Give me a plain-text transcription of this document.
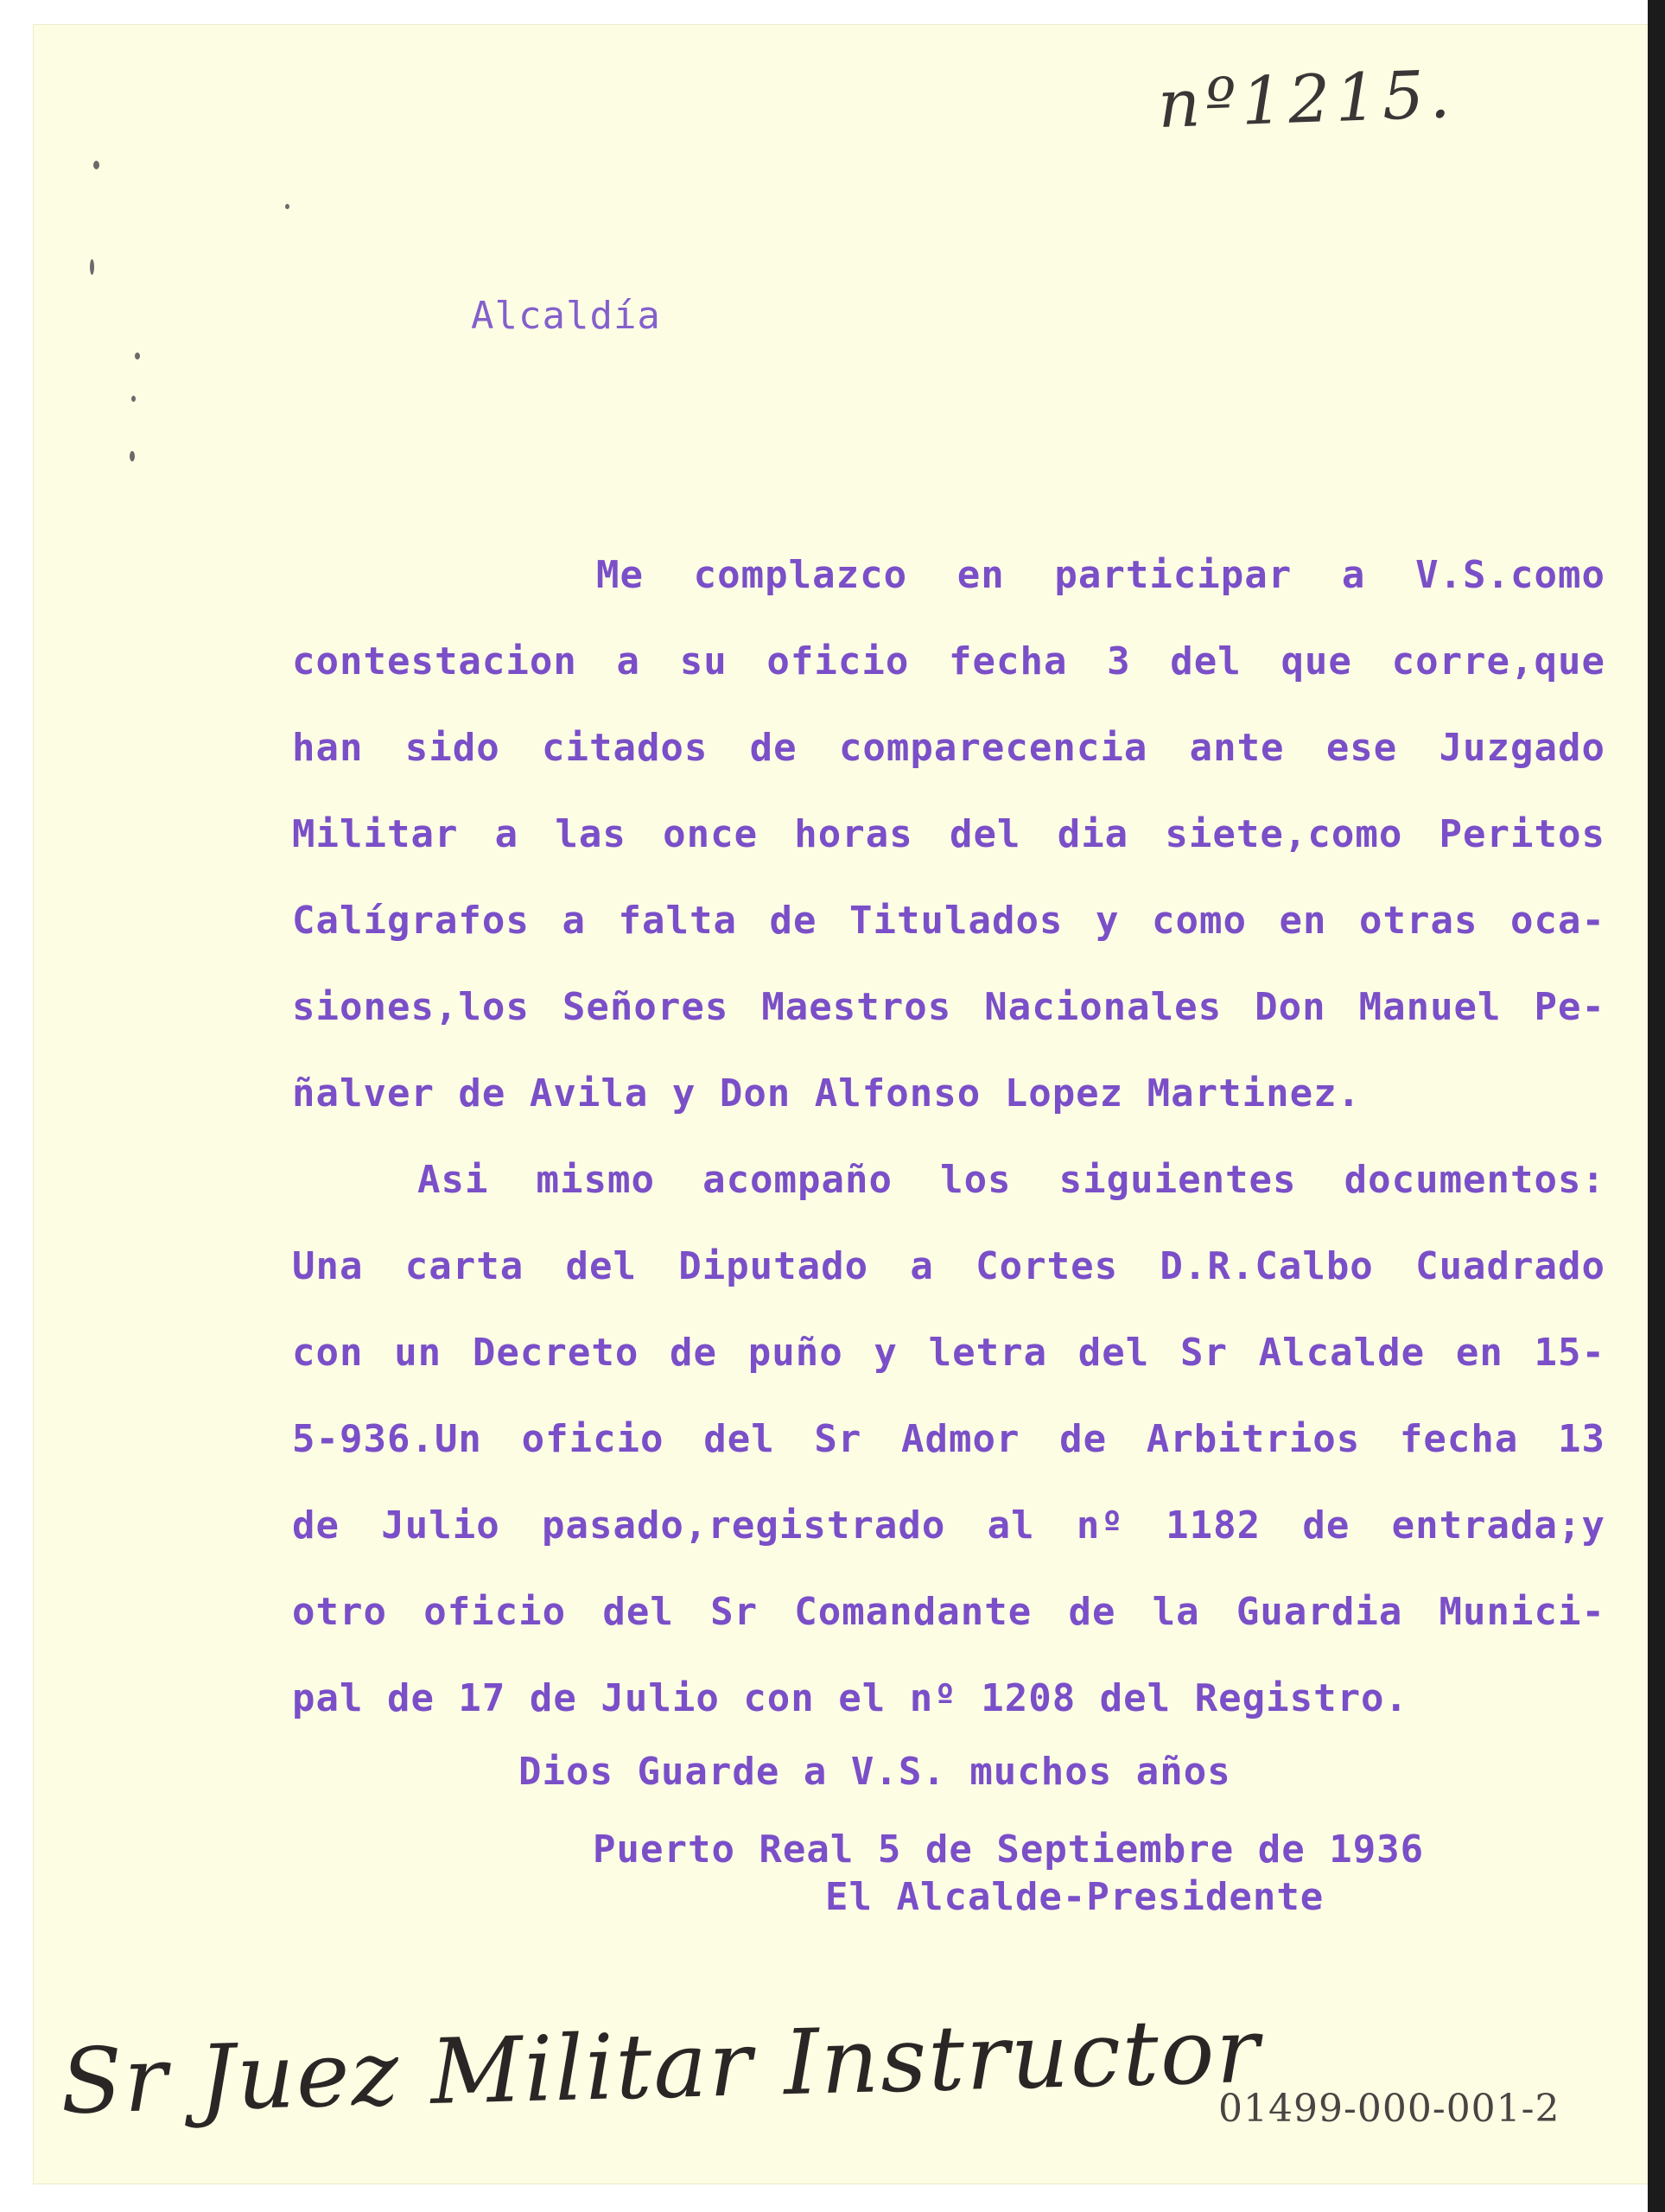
nº1215.
Alcaldía
Me complazco en participar a V.S.como
contestacion a su oficio fecha 3 del que corre,que
han sido citados de comparecencia ante ese Juzgado
Militar a las once horas del dia siete,como Peritos
Calígrafos a falta de Titulados y como en otras oca-
siones,los Señores Maestros Nacionales Don Manuel Pe-
ñalver de Avila y Don Alfonso Lopez Martinez.
Asi mismo acompaño los siguientes documentos:
Una carta del Diputado a Cortes D.R.Calbo Cuadrado
con un Decreto de puño y letra del Sr Alcalde en 15-
5-936.Un oficio del Sr Admor de Arbitrios fecha 13
de Julio pasado,registrado al nº 1182 de entrada;y
otro oficio del Sr Comandante de la Guardia Munici-
pal de 17 de Julio con el nº 1208 del Registro.
Dios Guarde a V.S. muchos años
Puerto Real 5 de Septiembre de 1936
El Alcalde-Presidente
Sr Juez Militar Instructor
01499-000-001-2
